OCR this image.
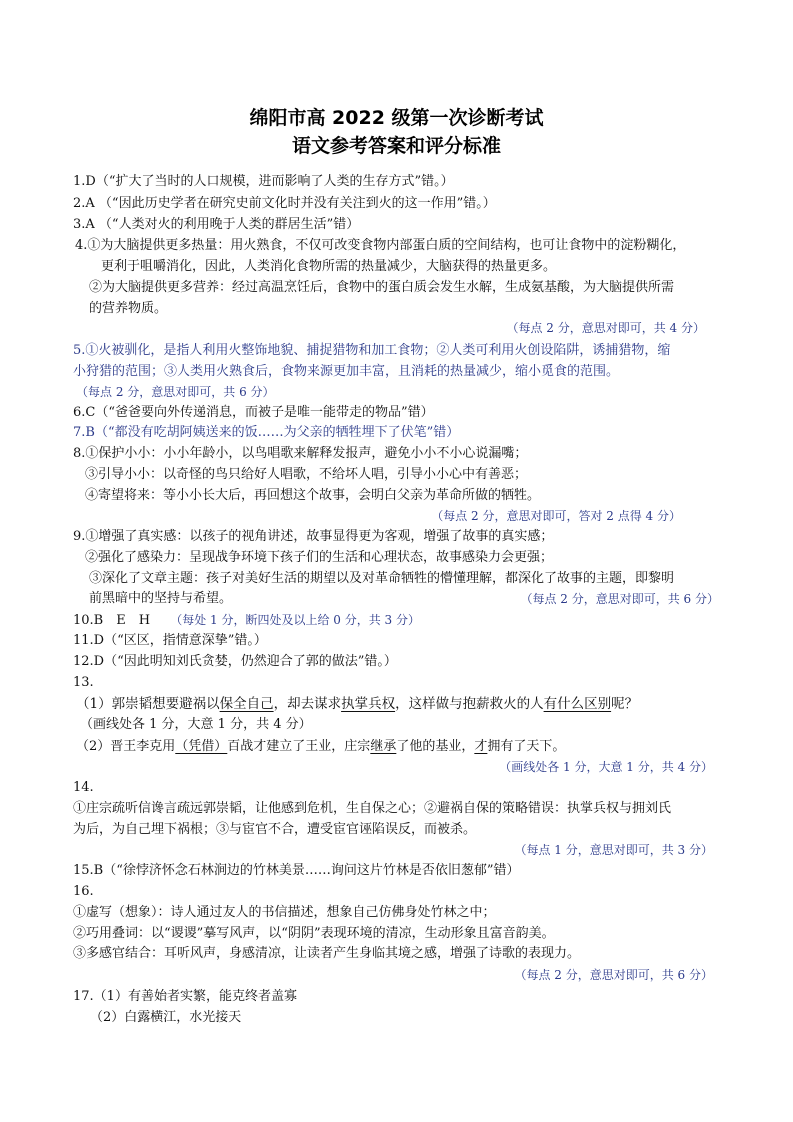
绵阳市高 2022 级第一次诊断考试
语文参考答案和评分标准
1.D（“扩大了当时的人口规模，进而影响了人类的生存方式”错。）
2.A （“因此历史学者在研究史前文化时并没有关注到火的这一作用”错。）
3.A （“人类对火的利用晚于人类的群居生活”错）
4.①为大脑提供更多热量：用火熟食，不仅可改变食物内部蛋白质的空间结构，也可让食物中的淀粉糊化，
更利于咀嚼消化，因此，人类消化食物所需的热量减少，大脑获得的热量更多。
②为大脑提供更多营养：经过高温烹饪后，食物中的蛋白质会发生水解，生成氨基酸，为大脑提供所需
的营养物质。
（每点 2 分，意思对即可，共 4 分）
5.①火被驯化，是指人利用火整饰地貌、捕捉猎物和加工食物；②人类可利用火创设陷阱，诱捕猎物，缩
小狩猎的范围；③人类用火熟食后，食物来源更加丰富，且消耗的热量减少，缩小觅食的范围。
（每点 2 分，意思对即可，共 6 分）
6.C（“爸爸要向外传递消息，而被子是唯一能带走的物品”错）
7.B（“都没有吃胡阿姨送来的饭……为父亲的牺牲埋下了伏笔”错）
8.①保护小小：小小年龄小，以鸟唱歌来解释发报声，避免小小不小心说漏嘴；
③引导小小：以奇怪的鸟只给好人唱歌，不给坏人唱，引导小小心中有善恶；
④寄望将来：等小小长大后，再回想这个故事，会明白父亲为革命所做的牺牲。
（每点 2 分，意思对即可，答对 2 点得 4 分）
9.①增强了真实感：以孩子的视角讲述，故事显得更为客观，增强了故事的真实感；
②强化了感染力：呈现战争环境下孩子们的生活和心理状态，故事感染力会更强；
③深化了文章主题：孩子对美好生活的期望以及对革命牺牲的懵懂理解，都深化了故事的主题，即黎明
前黑暗中的坚持与希望。	（每点 2 分，意思对即可，共 6 分）
10.B　E　H （每处 1 分，断四处及以上给 0 分，共 3 分）
11.D（“区区，指情意深挚”错。）
12.D（“因此明知刘氏贪婪，仍然迎合了郭的做法”错。）
13.
（1）郭崇韬想要避祸以保全自己，却去谋求执掌兵权，这样做与抱薪救火的人有什么区别呢？
（画线处各 1 分，大意 1 分，共 4 分）
（2）晋王李克用（凭借）百战才建立了王业，庄宗继承了他的基业，才拥有了天下。
（画线处各 1 分，大意 1 分，共 4 分）
14.
①庄宗疏听信谗言疏远郭崇韬，让他感到危机，生自保之心；②避祸自保的策略错误：执掌兵权与拥刘氏
为后，为自己埋下祸根；③与宦官不合，遭受宦官诬陷误反，而被杀。
（每点 1 分，意思对即可，共 3 分）
15.B（“徐悖济怀念石林涧边的竹林美景……询问这片竹林是否依旧葱郁”错）
16.
①虚写（想象）：诗人通过友人的书信描述，想象自己仿佛身处竹林之中；
②巧用叠词：以“谡谡”摹写风声，以“阴阴”表现环境的清凉，生动形象且富音韵美。
③多感官结合：耳听风声，身感清凉，让读者产生身临其境之感，增强了诗歌的表现力。
（每点 2 分，意思对即可，共 6 分）
17.（1）有善始者实繁，能克终者盖寡
（2）白露横江，水光接天
